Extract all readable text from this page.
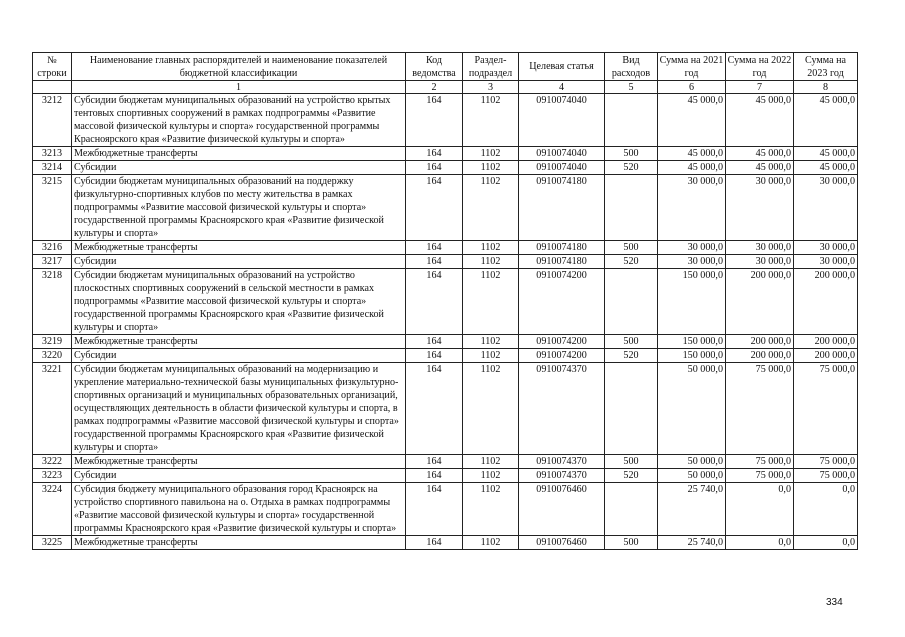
№ строки	Наименование главных распорядителей и наименование показателей бюджетной классификации	Код ведомства	Раздел-подраздел	Целевая статья	Вид расходов	Сумма на 2021 год	Сумма на 2022 год	Сумма на 2023 год
	1	2	3	4	5	6	7	8
3212	Субсидии бюджетам муниципальных образований на устройство крытых тентовых спортивных сооружений в рамках подпрограммы «Развитие массовой физической культуры и спорта» государственной программы Красноярского края «Развитие физической культуры и спорта»	164	1102	0910074040		45 000,0	45 000,0	45 000,0
3213	Межбюджетные трансферты	164	1102	0910074040	500	45 000,0	45 000,0	45 000,0
3214	Субсидии	164	1102	0910074040	520	45 000,0	45 000,0	45 000,0
3215	Субсидии бюджетам муниципальных образований на поддержку физкультурно-спортивных клубов по месту жительства в рамках подпрограммы «Развитие массовой физической культуры и спорта» государственной программы Красноярского края «Развитие физической культуры и спорта»	164	1102	0910074180		30 000,0	30 000,0	30 000,0
3216	Межбюджетные трансферты	164	1102	0910074180	500	30 000,0	30 000,0	30 000,0
3217	Субсидии	164	1102	0910074180	520	30 000,0	30 000,0	30 000,0
3218	Субсидии бюджетам муниципальных образований на устройство плоскостных спортивных сооружений в сельской местности в рамках подпрограммы «Развитие массовой физической культуры и спорта» государственной программы Красноярского края «Развитие физической культуры и спорта»	164	1102	0910074200		150 000,0	200 000,0	200 000,0
3219	Межбюджетные трансферты	164	1102	0910074200	500	150 000,0	200 000,0	200 000,0
3220	Субсидии	164	1102	0910074200	520	150 000,0	200 000,0	200 000,0
3221	Субсидии бюджетам муниципальных образований на модернизацию и укрепление материально-технической базы муниципальных физкультурно-спортивных организаций и муниципальных образовательных организаций, осуществляющих деятельность в области физической культуры и спорта, в рамках подпрограммы «Развитие массовой физической культуры и спорта» государственной программы Красноярского края «Развитие физической культуры и спорта»	164	1102	0910074370		50 000,0	75 000,0	75 000,0
3222	Межбюджетные трансферты	164	1102	0910074370	500	50 000,0	75 000,0	75 000,0
3223	Субсидии	164	1102	0910074370	520	50 000,0	75 000,0	75 000,0
3224	Субсидия бюджету муниципального образования город Красноярск на устройство спортивного павильона на о. Отдыха в рамках подпрограммы «Развитие массовой физической культуры и спорта» государственной программы Красноярского края «Развитие физической культуры и спорта»	164	1102	0910076460		25 740,0	0,0	0,0
3225	Межбюджетные трансферты	164	1102	0910076460	500	25 740,0	0,0	0,0
334
